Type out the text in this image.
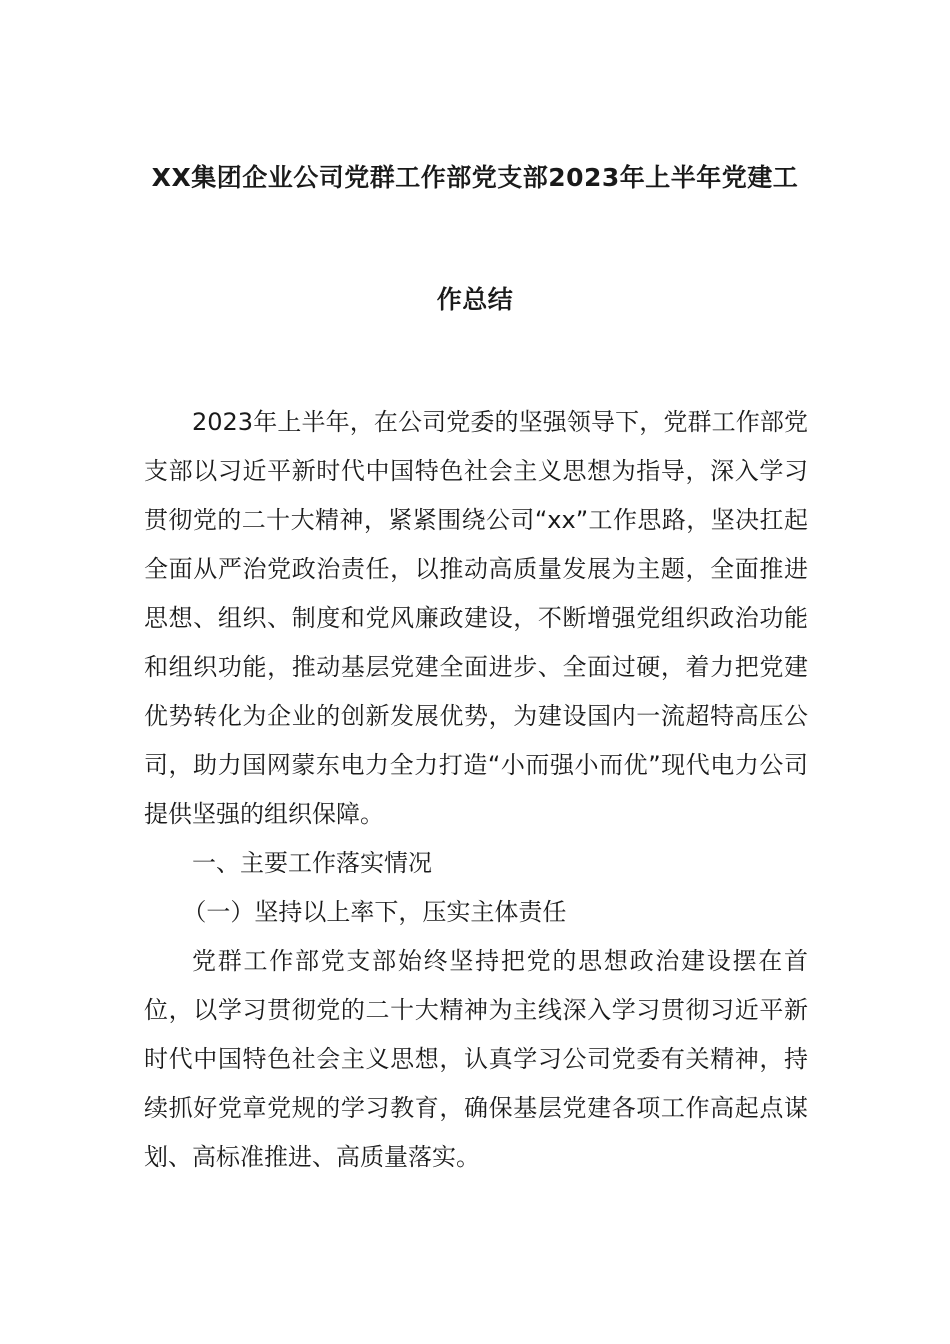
XX集团企业公司党群工作部党支部2023年上半年党建工
作总结

2023年上半年，在公司党委的坚强领导下，党群工作部党支部以习近平新时代中国特色社会主义思想为指导，深入学习贯彻党的二十大精神，紧紧围绕公司“xx”工作思路，坚决扛起全面从严治党政治责任，以推动高质量发展为主题，全面推进思想、组织、制度和党风廉政建设，不断增强党组织政治功能和组织功能，推动基层党建全面进步、全面过硬，着力把党建优势转化为企业的创新发展优势，为建设国内一流超特高压公司，助力国网蒙东电力全力打造“小而强小而优”现代电力公司提供坚强的组织保障。

一、主要工作落实情况

（一）坚持以上率下，压实主体责任

党群工作部党支部始终坚持把党的思想政治建设摆在首位，以学习贯彻党的二十大精神为主线深入学习贯彻习近平新时代中国特色社会主义思想，认真学习公司党委有关精神，持续抓好党章党规的学习教育，确保基层党建各项工作高起点谋划、高标准推进、高质量落实。
